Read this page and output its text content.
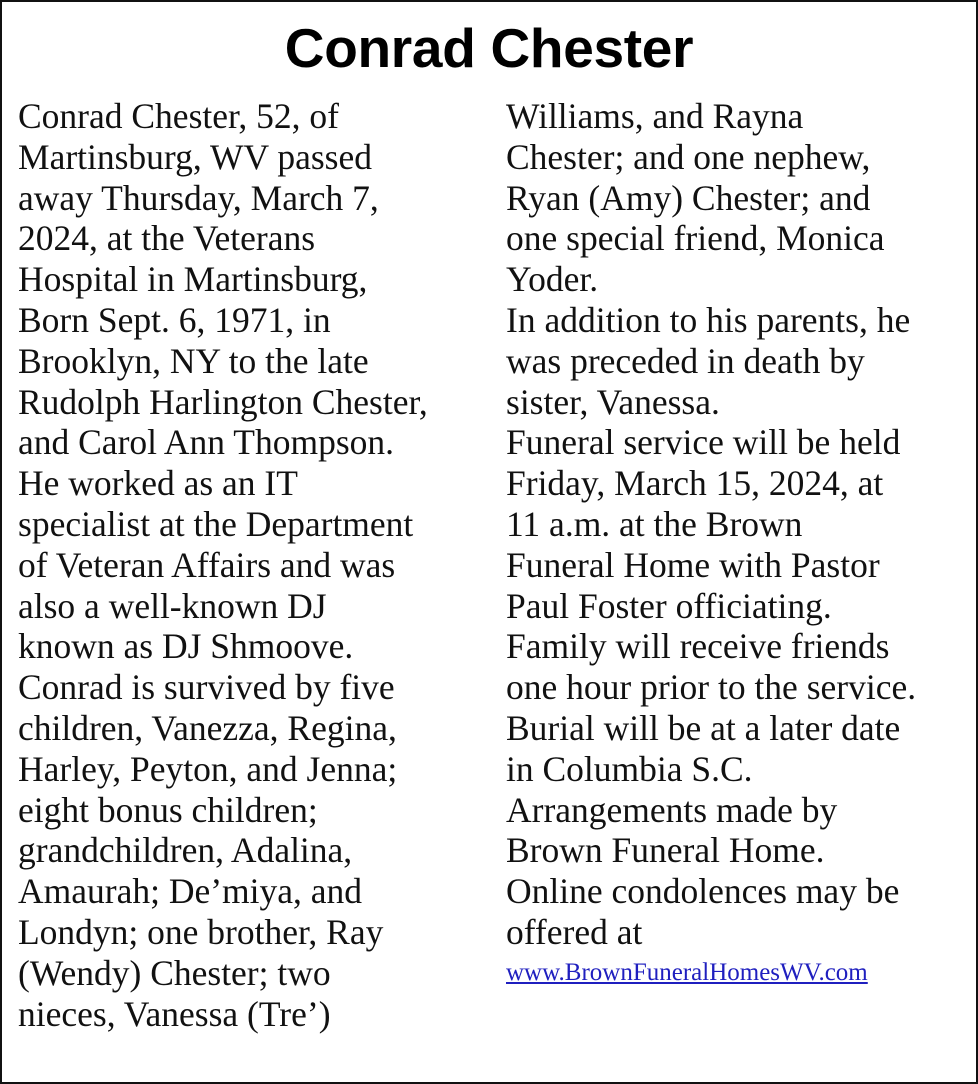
Conrad Chester
Conrad Chester, 52, of
Martinsburg, WV passed
away Thursday, March 7,
2024, at the Veterans
Hospital in Martinsburg,
Born Sept. 6, 1971, in
Brooklyn, NY to the late
Rudolph Harlington Chester,
and Carol Ann Thompson.
He worked as an IT
specialist at the Department
of Veteran Affairs and was
also a well-known DJ
known as DJ Shmoove.
Conrad is survived by five
children, Vanezza, Regina,
Harley, Peyton, and Jenna;
eight bonus children;
grandchildren, Adalina,
Amaurah; De’miya, and
Londyn; one brother, Ray
(Wendy) Chester; two
nieces, Vanessa (Tre’)
Williams, and Rayna
Chester; and one nephew,
Ryan (Amy) Chester; and
one special friend, Monica
Yoder.
In addition to his parents, he
was preceded in death by
sister, Vanessa.
Funeral service will be held
Friday, March 15, 2024, at
11 a.m. at the Brown
Funeral Home with Pastor
Paul Foster officiating.
Family will receive friends
one hour prior to the service.
Burial will be at a later date
in Columbia S.C.
Arrangements made by
Brown Funeral Home.
Online condolences may be
offered at
www.BrownFuneralHomesWV.com
